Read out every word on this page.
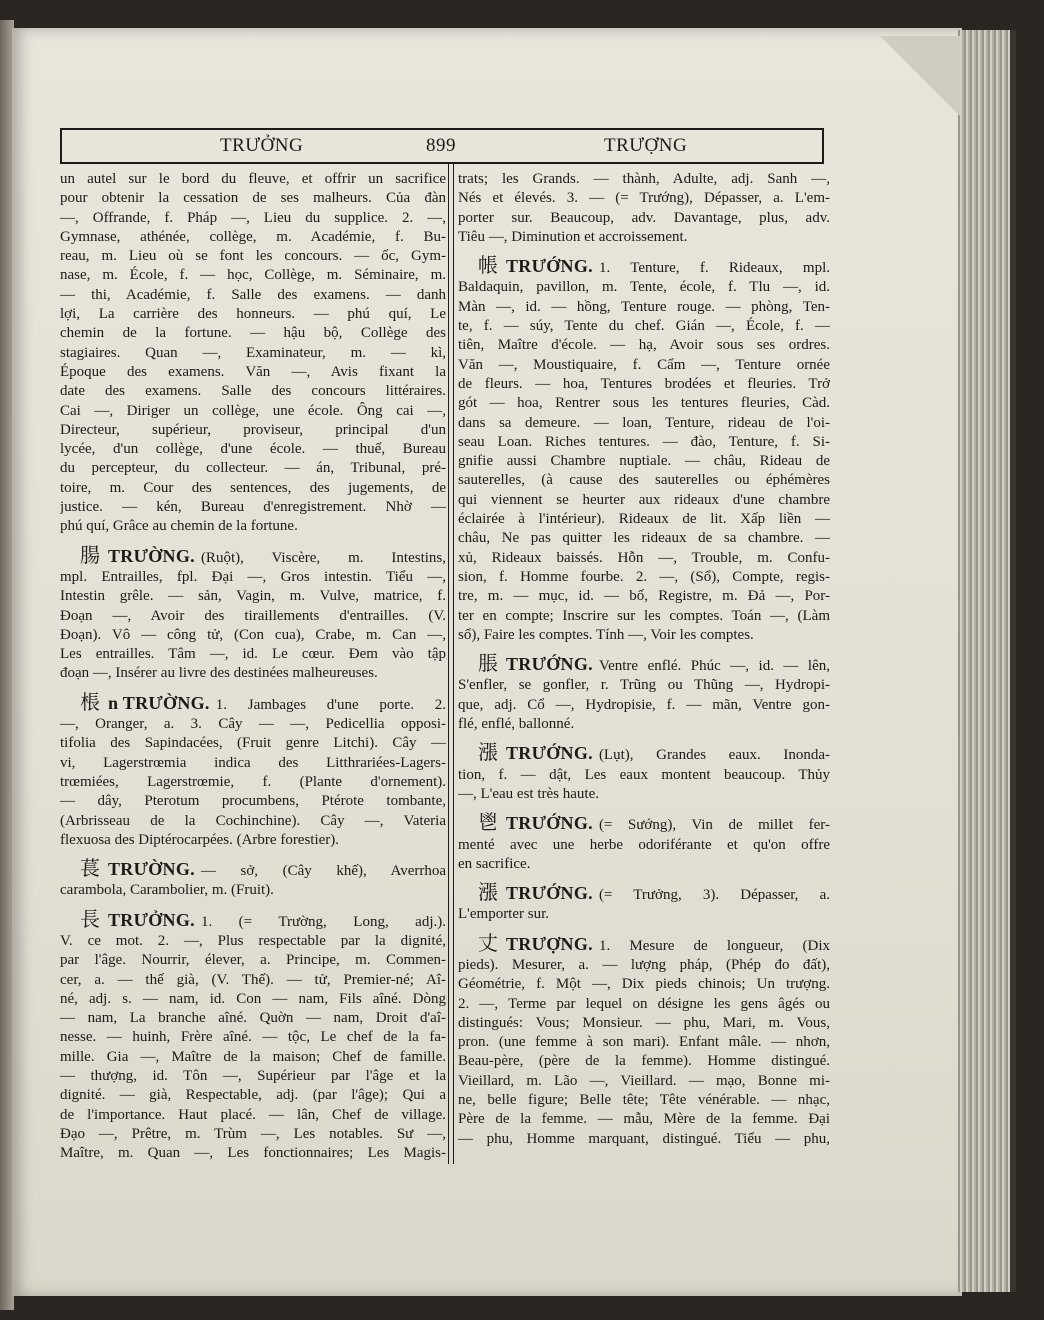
TRƯỞNG	899	TRƯỢNG
un autel sur le bord du fleuve, et offrir un sacrifice
pour obtenir la cessation de ses malheurs. Của đàn
—, Offrande, f. Pháp —, Lieu du supplice. 2. —,
Gymnase, athénée, collège, m. Académie, f. Bu-
reau, m. Lieu où se font les concours. — ốc, Gym-
nase, m. École, f. — học, Collège, m. Séminaire, m.
— thi, Académie, f. Salle des examens. — danh
lợi, La carrière des honneurs. — phú quí, Le
chemin de la fortune. — hậu bộ, Collège des
stagiaires. Quan —, Examinateur, m. — kì,
Époque des examens. Văn —, Avis fixant la
date des examens. Salle des concours littéraires.
Cai —, Diriger un collège, une école. Ông cai —,
Directeur, supérieur, proviseur, principal d'un
lycée, d'un collège, d'une école. — thuế, Bureau
du percepteur, du collecteur. — án, Tribunal, pré-
toire, m. Cour des sentences, des jugements, de
justice. — kén, Bureau d'enregistrement. Nhờ —
phú quí, Grâce au chemin de la fortune.
腸 TRƯỜNG. (Ruột), Viscère, m. Intestins,
mpl. Entrailles, fpl. Đại —, Gros intestin. Tiểu —,
Intestin grêle. — sản, Vagin, m. Vulve, matrice, f.
Đoạn —, Avoir des tiraillements d'entrailles. (V.
Đoạn). Vô — công tử, (Con cua), Crabe, m. Can —,
Les entrailles. Tâm —, id. Le cœur. Đem vào tập
đoạn —, Insérer au livre des destinées malheureuses.
棖 n TRƯỜNG. 1. Jambages d'une porte. 2.
—, Oranger, a. 3. Cây — —, Pedicellia opposi-
tifolia des Sapindacées, (Fruit genre Litchi). Cây —
vi, Lagerstrœmia indica des Litthrariées-Lagers-
trœmiées, Lagerstrœmie, f. (Plante d'ornement).
— dây, Pterotum procumbens, Ptérote tombante,
(Arbrisseau de la Cochinchine). Cây —, Vateria
flexuosa des Diptérocarpées. (Arbre forestier).
萇 TRƯỜNG. — sở, (Cây khế), Averrhoa
carambola, Carambolier, m. (Fruit).
長 TRƯỞNG. 1. (= Trường, Long, adj.).
V. ce mot. 2. —, Plus respectable par la dignité,
par l'âge. Nourrir, élever, a. Principe, m. Commen-
cer, a. — thế già, (V. Thế). — tử, Premier-né; Aî-
né, adj. s. — nam, id. Con — nam, Fils aîné. Dòng
— nam, La branche aîné. Quờn — nam, Droit d'aî-
nesse. — huinh, Frère aîné. — tộc, Le chef de la fa-
mille. Gia —, Maître de la maison; Chef de famille.
— thượng, id. Tôn —, Supérieur par l'âge et la
dignité. — già, Respectable, adj. (par l'âge); Qui a
de l'importance. Haut placé. — lân, Chef de village.
Đạo —, Prêtre, m. Trùm —, Les notables. Sư —,
Maître, m. Quan —, Les fonctionnaires; Les Magis-
trats; les Grands. — thành, Adulte, adj. Sanh —,
Nés et élevés. 3. — (= Trướng), Dépasser, a. L'em-
porter sur. Beaucoup, adv. Davantage, plus, adv.
Tiêu —, Diminution et accroissement.
帳 TRƯỚNG. 1. Tenture, f. Rideaux, mpl.
Baldaquin, pavillon, m. Tente, école, f. Tlu —, id.
Màn —, id. — hồng, Tenture rouge. — phòng, Ten-
te, f. — súy, Tente du chef. Gián —, École, f. —
tiên, Maître d'école. — hạ, Avoir sous ses ordres.
Văn —, Moustiquaire, f. Cẩm —, Tenture ornée
de fleurs. — hoa, Tentures brodées et fleuries. Trở
gót — hoa, Rentrer sous les tentures fleuries, Càd.
dans sa demeure. — loan, Tenture, rideau de l'oi-
seau Loan. Riches tentures. — đào, Tenture, f. Si-
gnifie aussi Chambre nuptiale. — châu, Rideau de
sauterelles, (à cause des sauterelles ou éphémères
qui viennent se heurter aux rideaux d'une chambre
éclairée à l'intérieur). Rideaux de lit. Xấp liền —
châu, Ne pas quitter les rideaux de sa chambre. —
xủ, Rideaux baissés. Hỗn —, Trouble, m. Confu-
sion, f. Homme fourbe. 2. —, (Sổ), Compte, regis-
tre, m. — mục, id. — bố, Registre, m. Đả —, Por-
ter en compte; Inscrire sur les comptes. Toán —, (Làm
sổ), Faire les comptes. Tính —, Voir les comptes.
脹 TRƯỚNG. Ventre enflé. Phúc —, id. — lên,
S'enfler, se gonfler, r. Trũng ou Thũng —, Hydropi-
que, adj. Cổ —, Hydropisie, f. — mãn, Ventre gon-
flé, enflé, ballonné.
漲 TRƯỚNG. (Lụt), Grandes eaux. Inonda-
tion, f. — dật, Les eaux montent beaucoup. Thủy
—, L'eau est très haute.
鬯 TRƯỚNG. (= Sướng), Vin de millet fer-
menté avec une herbe odoriférante et qu'on offre
en sacrifice.
漲 TRƯỚNG. (= Trưởng, 3). Dépasser, a.
L'emporter sur.
丈 TRƯỢNG. 1. Mesure de longueur, (Dix
pieds). Mesurer, a. — lượng pháp, (Phép đo đất),
Géométrie, f. Một —, Dix pieds chinois; Un trượng.
2. —, Terme par lequel on désigne les gens âgés ou
distingués: Vous; Monsieur. — phu, Mari, m. Vous,
pron. (une femme à son mari). Enfant mâle. — nhơn,
Beau-père, (père de la femme). Homme distingué.
Vieillard, m. Lão —, Vieillard. — mạo, Bonne mi-
ne, belle figure; Belle tête; Tête vénérable. — nhạc,
Père de la femme. — mẫu, Mère de la femme. Đại
— phu, Homme marquant, distingué. Tiểu — phu,
